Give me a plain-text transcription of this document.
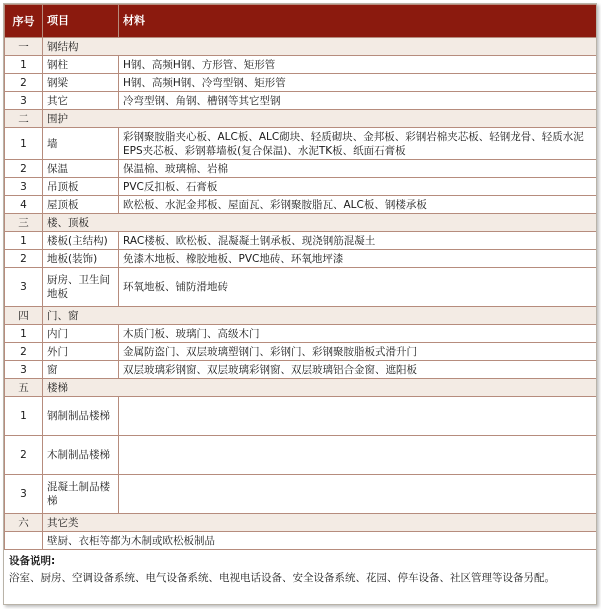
序号	项目	材料
一	钢结构	
1	钢柱	H钢、高频H钢、方形管、矩形管
2	钢梁	H钢、高频H钢、冷弯型钢、矩形管
3	其它	冷弯型钢、角钢、槽钢等其它型钢
二	围护	
1	墙	彩钢聚胺脂夹心板、ALC板、ALC砌块、轻质砌块、金邦板、彩钢岩棉夹芯板、轻钢龙骨、轻质水泥EPS夹芯板、彩钢幕墙板(复合保温)、水泥TK板、纸面石膏板
2	保温	保温棉、玻璃棉、岩棉
3	吊顶板	PVC反扣板、石膏板
4	屋顶板	欧松板、水泥金邦板、屋面瓦、彩钢聚胺脂瓦、ALC板、钢楼承板
三	楼、顶板	
1	楼板(主结构)	RAC楼板、欧松板、混凝凝土钢承板、现浇钢筋混凝土
2	地板(装饰)	免漆木地板、橡胶地板、PVC地砖、环氧地坪漆
3	厨房、卫生间地板	环氧地板、铺防滑地砖
四	门、窗	
1	内门	木质门板、玻璃门、高级木门
2	外门	金属防盗门、双层玻璃塑钢门、彩钢门、彩钢聚胺脂板式滑升门
3	窗	双层玻璃彩钢窗、双层玻璃彩钢窗、双层玻璃铝合金窗、遮阳板
五	楼梯	
1	钢制制品楼梯	
2	木制制品楼梯	
3	混凝土制品楼梯	
六	其它类	
	壁厨、衣柜等都为木制或欧松板制品	
设备说明:
浴室、厨房、空调设备系统、电气设备系统、电视电话设备、安全设备系统、花园、停车设备、社区管理等设备另配。
